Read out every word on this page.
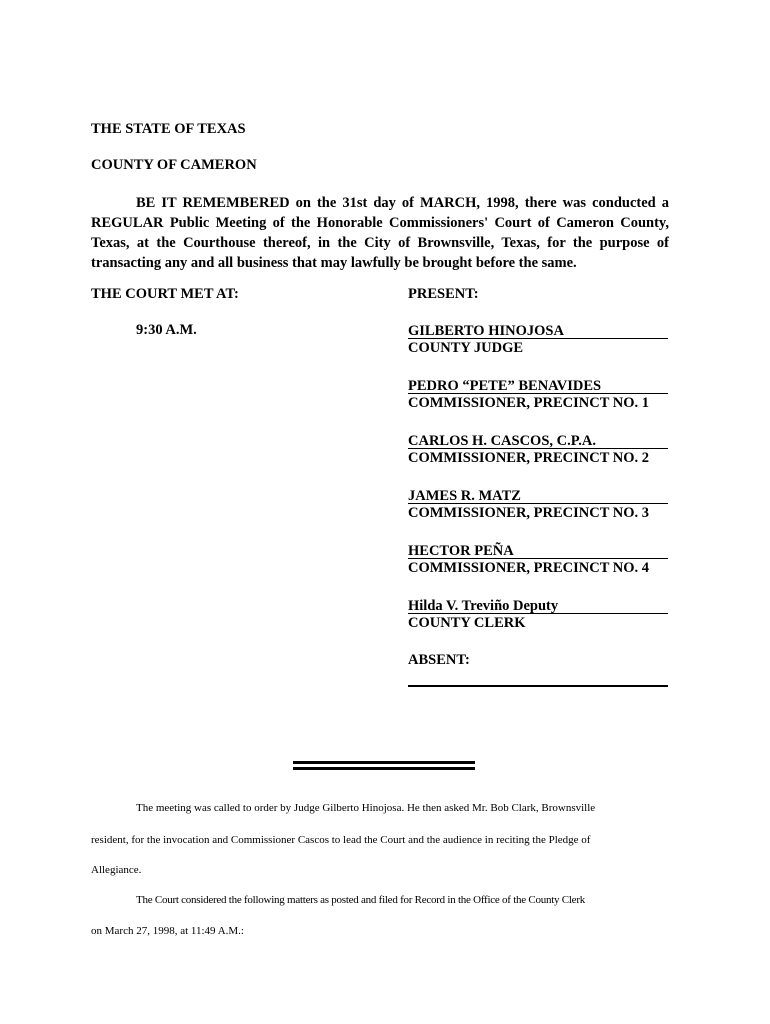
THE STATE OF TEXAS
COUNTY OF CAMERON
BE IT REMEMBERED on the 31st day of MARCH, 1998, there was conducted a REGULAR Public Meeting of the Honorable Commissioners' Court of Cameron County, Texas, at the Courthouse thereof, in the City of Brownsville, Texas, for the purpose of transacting any and all business that may lawfully be brought before the same.
THE COURT MET AT:
9:30 A.M.
PRESENT:
GILBERTO HINOJOSA
COUNTY JUDGE
PEDRO “PETE” BENAVIDES
COMMISSIONER, PRECINCT NO. 1
CARLOS H. CASCOS, C.P.A.
COMMISSIONER, PRECINCT NO. 2
JAMES R. MATZ
COMMISSIONER, PRECINCT NO. 3
HECTOR PEÑA
COMMISSIONER, PRECINCT NO. 4
Hilda V. Treviño Deputy
COUNTY CLERK
ABSENT:
The meeting was called to order by Judge Gilberto Hinojosa. He then asked Mr. Bob Clark, Brownsville
resident, for the invocation and Commissioner Cascos to lead the Court and the audience in reciting the Pledge of
Allegiance.
The Court considered the following matters as posted and filed for Record in the Office of the County Clerk
on March 27, 1998, at 11:49 A.M.:
